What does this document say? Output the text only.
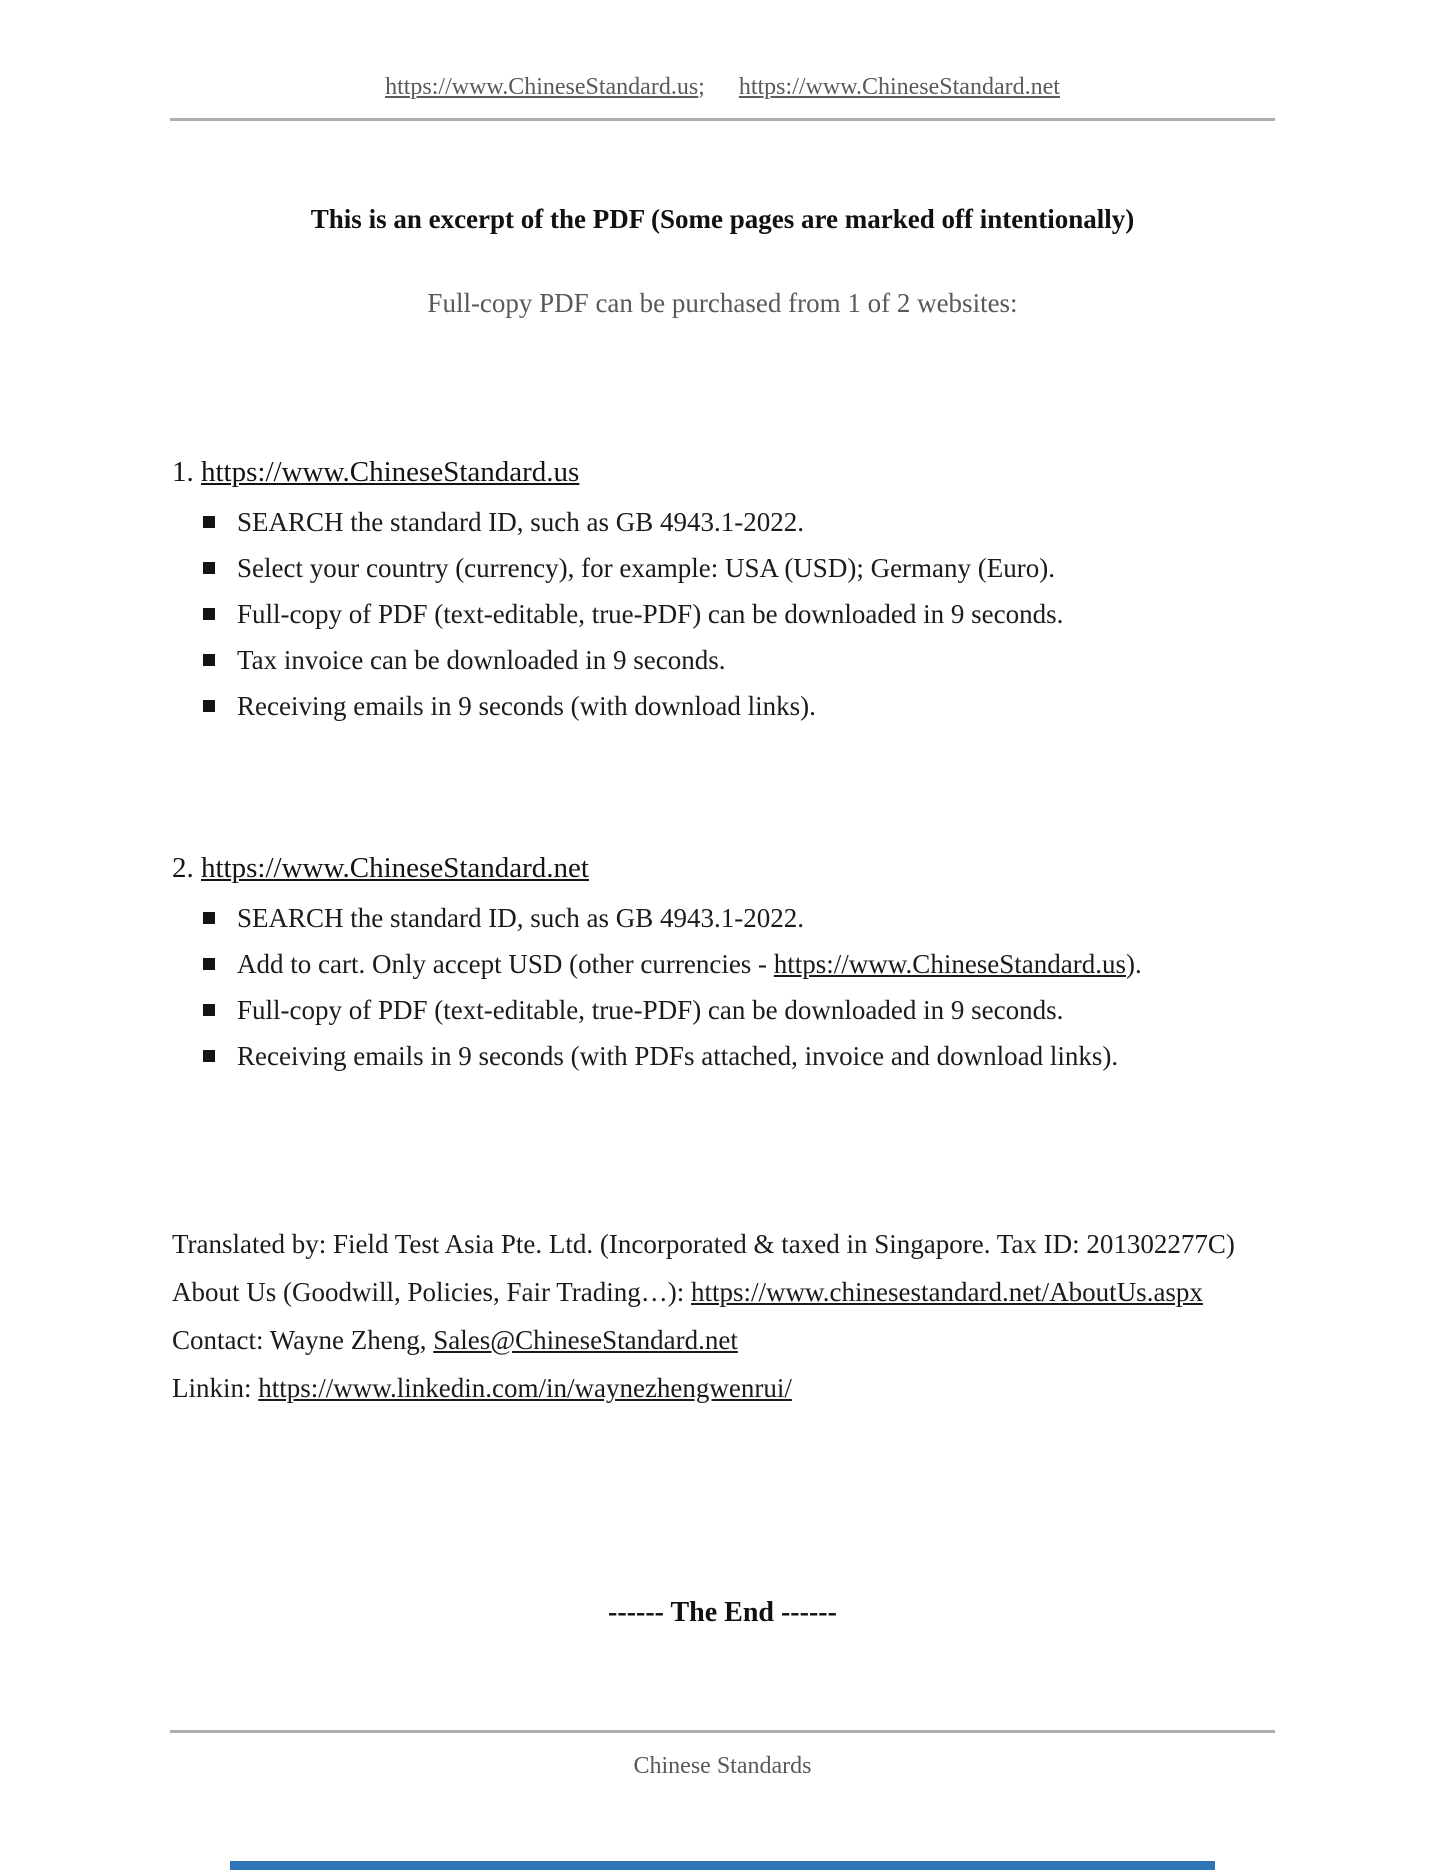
https://www.ChineseStandard.us; https://www.ChineseStandard.net
This is an excerpt of the PDF (Some pages are marked off intentionally)
Full-copy PDF can be purchased from 1 of 2 websites:
1. https://www.ChineseStandard.us
SEARCH the standard ID, such as GB 4943.1-2022.
Select your country (currency), for example: USA (USD); Germany (Euro).
Full-copy of PDF (text-editable, true-PDF) can be downloaded in 9 seconds.
Tax invoice can be downloaded in 9 seconds.
Receiving emails in 9 seconds (with download links).
2. https://www.ChineseStandard.net
SEARCH the standard ID, such as GB 4943.1-2022.
Add to cart. Only accept USD (other currencies - https://www.ChineseStandard.us).
Full-copy of PDF (text-editable, true-PDF) can be downloaded in 9 seconds.
Receiving emails in 9 seconds (with PDFs attached, invoice and download links).
Translated by: Field Test Asia Pte. Ltd. (Incorporated & taxed in Singapore. Tax ID: 201302277C)
About Us (Goodwill, Policies, Fair Trading…): https://www.chinesestandard.net/AboutUs.aspx
Contact: Wayne Zheng, Sales@ChineseStandard.net
Linkin: https://www.linkedin.com/in/waynezhengwenrui/
------ The End ------
Chinese Standards
